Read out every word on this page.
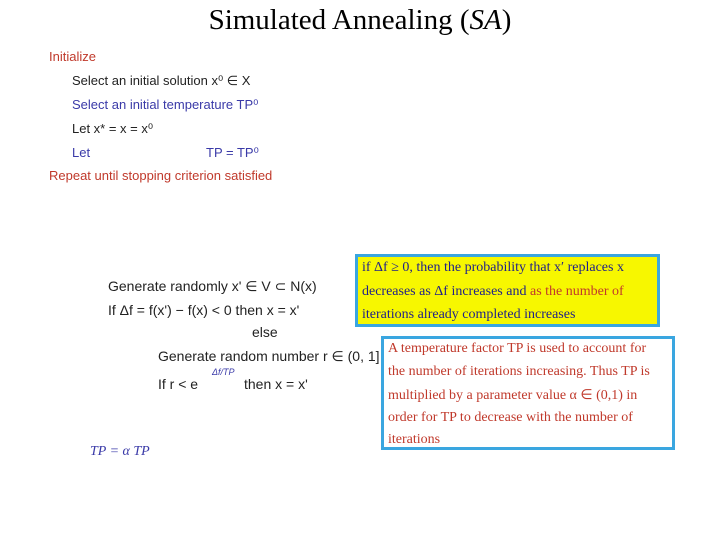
Simulated Annealing (SA)
Initialize
Select an initial solution x⁰ ∈ X
Select an initial temperature TP⁰
Let x* = x = x⁰
Let	TP = TP⁰
Repeat until stopping criterion satisfied
Generate randomly x' ∈ V ⊂ N(x)
If Δf = f(x') − f(x) < 0 then x = x'
else
Generate random number r ∈ (0, 1]
If r < e
Δf/TP
then x = x'
TP = α TP
if Δf ≥ 0, then the probability that x′ replaces x
decreases as Δf increases and as the number of
iterations already completed increases
A temperature factor TP is used to account for
the number of iterations increasing. Thus TP is
multiplied by a parameter value α ∈ (0,1) in
order for TP to decrease with the number of
iterations
